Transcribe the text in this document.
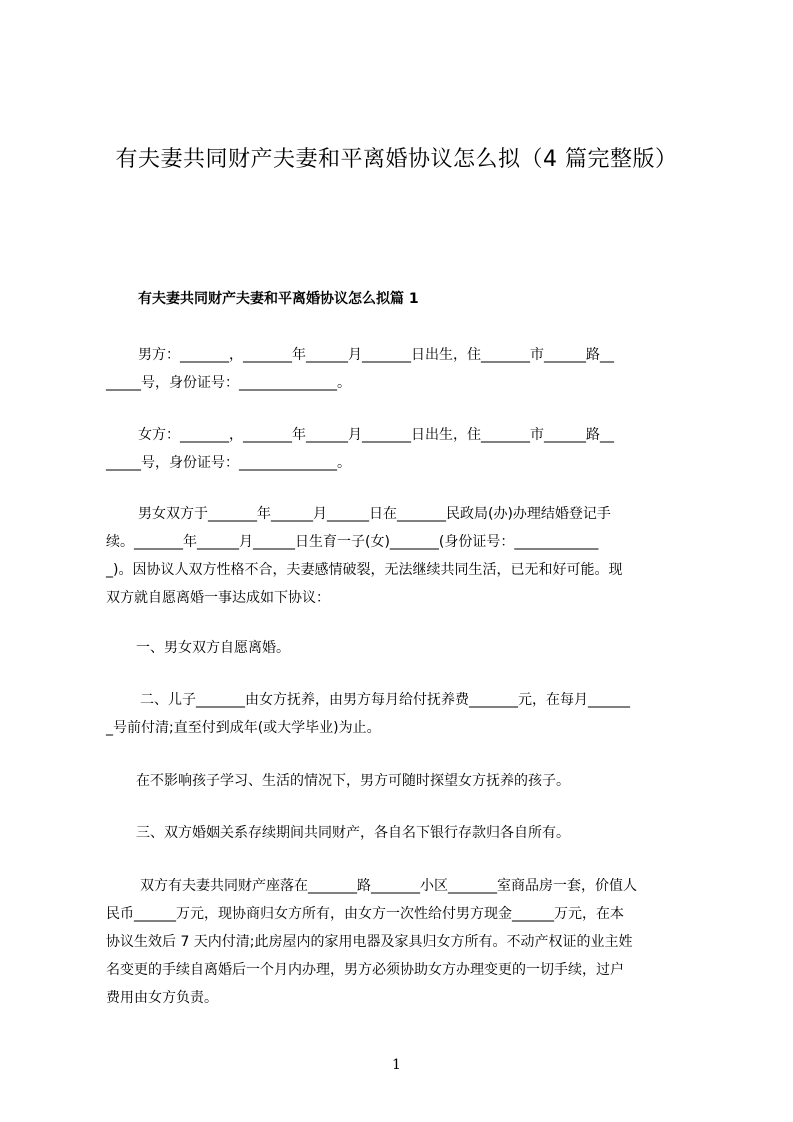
有夫妻共同财产夫妻和平离婚协议怎么拟（4 篇完整版）
有夫妻共同财产夫妻和平离婚协议怎么拟篇 1

男方：_______，_______年______月_______日出生，住_______市______路__

_____号，身份证号：______________。

女方：_______，_______年______月_______日出生，住_______市______路__

_____号，身份证号：______________。

男女双方于_______年______月______日在_______民政局(办)办理结婚登记手

续。_______年______月______日生育一子(女)_______(身份证号：____________

_)。因协议人双方性格不合，夫妻感情破裂，无法继续共同生活，已无和好可能。现

双方就自愿离婚一事达成如下协议：

一、男女双方自愿离婚。

二、儿子_______由女方抚养，由男方每月给付抚养费_______元，在每月______

_号前付清;直至付到成年(或大学毕业)为止。

在不影响孩子学习、生活的情况下，男方可随时探望女方抚养的孩子。

三、双方婚姻关系存续期间共同财产，各自名下银行存款归各自所有。

双方有夫妻共同财产座落在_______路_______小区_______室商品房一套，价值人

民币______万元，现协商归女方所有，由女方一次性给付男方现金______万元，在本

协议生效后 7 天内付清;此房屋内的家用电器及家具归女方所有。不动产权证的业主姓

名变更的手续自离婚后一个月内办理，男方必须协助女方办理变更的一切手续，过户

费用由女方负责。

1
